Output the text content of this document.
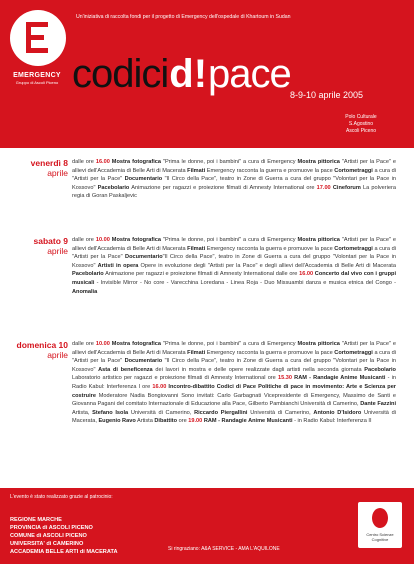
EMERGENCY
Gruppo di Ascoli Piceno
Un'iniziativa di raccolta fondi per il progetto di Emergency dell'ospedale di Khartoum in Sudan
codici d! pace 8-9-10 aprile 2005
Polo Culturale
S.Agostino
Ascoli Piceno
venerdì 8
aprile
dalle ore 16.00 Mostra fotografica "Prima le donne, poi i bambini" a cura di Emergency Mostra pittorica "Artisti per la Pace" e allievi dell'Accademia di Belle Arti di Macerata Filmati Emergency racconta la guerra e promuove la pace Cortometraggi a cura di "Artisti per la Pace" Documentario "Il Circo della Pace", teatro in Zone di Guerra a cura del gruppo "Volontari per la Pace in Kossovo" Pacebolario Animazione per ragazzi e proiezione filmati di Amnesty International ore 17.00 Cineforum La polveriera regia di Goran Paskaljevic
sabato 9
aprile
dalle ore 10.00 Mostra fotografica "Prima le donne, poi i bambini" a cura di Emergency Mostra pittorica "Artisti per la Pace" e allievi dell'Accademia di Belle Arti di Macerata Filmati Emergency racconta la guerra e promuove la pace Cortometraggi a cura di "Artisti per la Pace" Documentario"Il Circo della Pace", teatro in Zone di Guerra a cura del gruppo "Volontari per la Pace in Kossovo" Artisti in opera Opere in evoluzione degli "Artisti per la Pace" e degli allievi dell'Accademia di Belle Arti di Macerata Pacebolario Animazione per ragazzi e proiezione filmati di Amnesty International dalle ore 16.00 Concerto dal vivo con i gruppi musicali - Invisible Mirror - No core - Varecchina Loredana - Linea Roja - Duo Missuambi danza e musica etnica del Congo - Anomalia
domenica 10
aprile
dalle ore 10.00 Mostra fotografica "Prima le donne, poi i bambini" a cura di Emergency Mostra pittorica "Artisti per la Pace" e allievi dell'Accademia di Belle Arti di Macerata Filmati Emergency racconta la guerra e promuove la pace Cortometraggi a cura di "Artisti per la Pace" Documentario "Il Circo della Pace", teatro in Zone di Guerra a cura del gruppo "Volontari per la Pace in Kossovo" Asta di beneficenza dei lavori in mostra e delle opere realizzate dagli artisti nella seconda giornata Pacebolario Laboratorio artistico per ragazzi e proiezione filmati di Amnesty International ore 15.30 RAM - Randagie Anime Musicanti - in Radio Kabul: Interferenza I ore 16.00 Incontro-dibattito Codici di Pace Politiche di pace in movimento: Arte e Scienza per costruire Moderatore Nadia Bongiovanni Sono invitati: Carlo Garbagnati Vicepresidente di Emergency, Massimo de Santi e Giovanna Pagani del comitato Internazionale di Educazione alla Pace, Gilberto Pambianchi Università di Camerino, Dante Fazzini Artista, Stefano Isola Università di Camerino, Riccardo Piergallini Università di Camerino, Antonio D'Isidoro Università di Macerata, Eugenio Ravo Artista Dibattito ore 19.00 RAM - Randagie Anime Musicanti - in Radio Kabul: Interferenza II
L'evento è stato realizzato grazie al patrocinio:
REGIONE MARCHE
PROVINCIA di ASCOLI PICENO
COMUNE di ASCOLI PICENO
UNIVERSITA' di CAMERINO
ACCADEMIA BELLE ARTI di MACERATA	Si ringraziano: A&A SERVICE - AMA L'AQUILONE
Centro Scienze Cognitive
